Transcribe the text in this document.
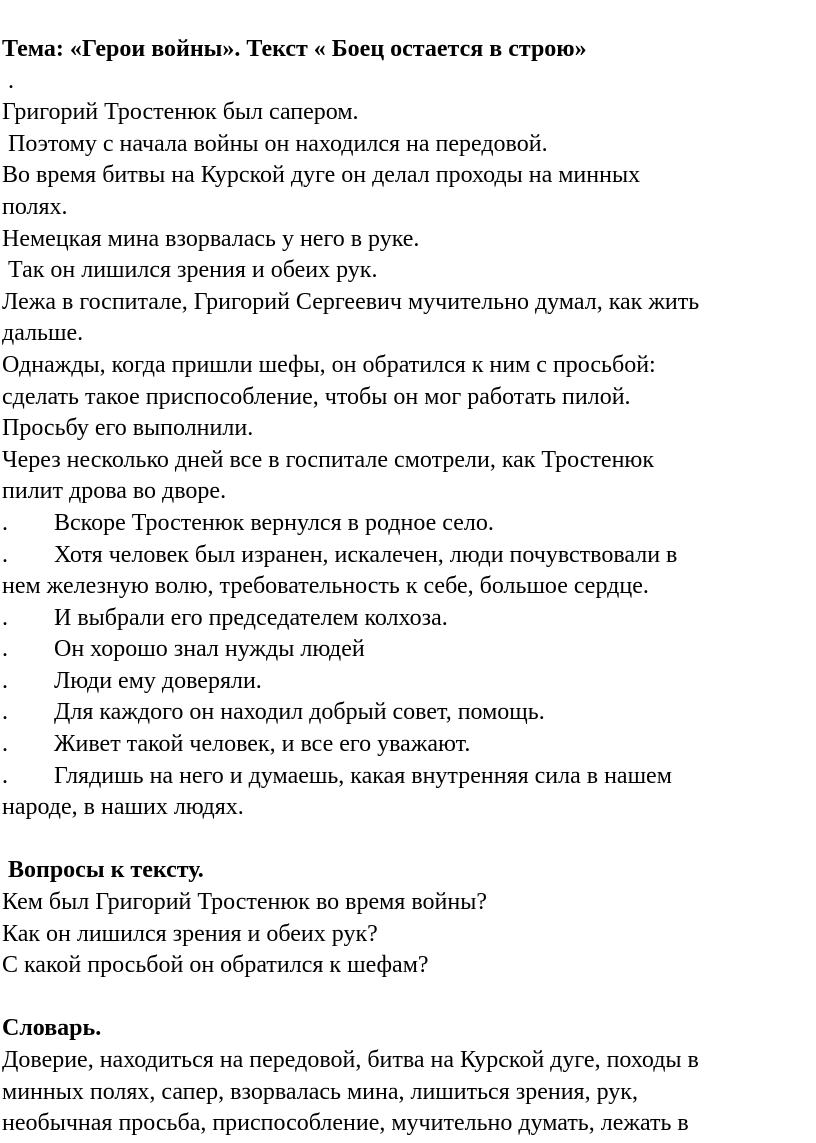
Тема: «Герои войны». Текст « Боец остается в строю»
.
Григорий Тростенюк был сапером.
Поэтому с начала войны он находился на передовой.
Во время битвы на Курской дуге он делал проходы на минных
полях.
Немецкая мина взорвалась у него в руке.
Так он лишился зрения и обеих рук.
Лежа в госпитале, Григорий Сергеевич мучительно думал, как жить
дальше.
Однажды, когда пришли шефы, он обратился к ним с просьбой:
сделать такое приспособление, чтобы он мог работать пилой.
Просьбу его выполнили.
Через несколько дней все в госпитале смотрели, как Тростенюк
пилит дрова во дворе.
. Вскоре Тростенюк вернулся в родное село.
. Хотя человек был изранен, искалечен, люди почувствовали в
нем железную волю, требовательность к себе, большое сердце.
. И выбрали его председателем колхоза.
. Он хорошо знал нужды людей
. Люди ему доверяли.
. Для каждого он находил добрый совет, помощь.
. Живет такой человек, и все его уважают.
. Глядишь на него и думаешь, какая внутренняя сила в нашем
народе, в наших людях.
Вопросы к тексту.
Кем был Григорий Тростенюк во время войны?
Как он лишился зрения и обеих рук?
С какой просьбой он обратился к шефам?
Словарь.
Доверие, находиться на передовой, битва на Курской дуге, походы в
минных полях, сапер, взорвалась мина, лишиться зрения, рук,
необычная просьба, приспособление, мучительно думать, лежать в
